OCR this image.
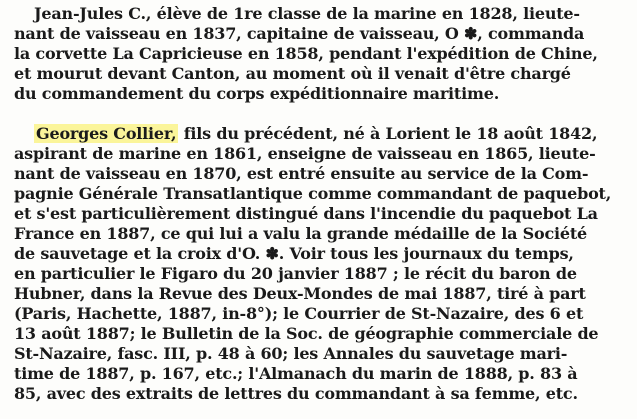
Jean-Jules C., élève de 1re classe de la marine en 1828, lieute-
nant de vaisseau en 1837, capitaine de vaisseau, O ✽, commanda
la corvette La Capricieuse en 1858, pendant l'expédition de Chine,
et mourut devant Canton, au moment où il venait d'être chargé
du commandement du corps expéditionnaire maritime.
Georges Collier, fils du précédent, né à Lorient le 18 août 1842,
aspirant de marine en 1861, enseigne de vaisseau en 1865, lieute-
nant de vaisseau en 1870, est entré ensuite au service de la Com-
pagnie Générale Transatlantique comme commandant de paquebot,
et s'est particulièrement distingué dans l'incendie du paquebot La
France en 1887, ce qui lui a valu la grande médaille de la Société
de sauvetage et la croix d'O. ✽. Voir tous les journaux du temps,
en particulier le Figaro du 20 janvier 1887 ; le récit du baron de
Hubner, dans la Revue des Deux-Mondes de mai 1887, tiré à part
(Paris, Hachette, 1887, in-8°); le Courrier de St-Nazaire, des 6 et
13 août 1887; le Bulletin de la Soc. de géographie commerciale de
St-Nazaire, fasc. III, p. 48 à 60; les Annales du sauvetage mari-
time de 1887, p. 167, etc.; l'Almanach du marin de 1888, p. 83 à
85, avec des extraits de lettres du commandant à sa femme, etc.
